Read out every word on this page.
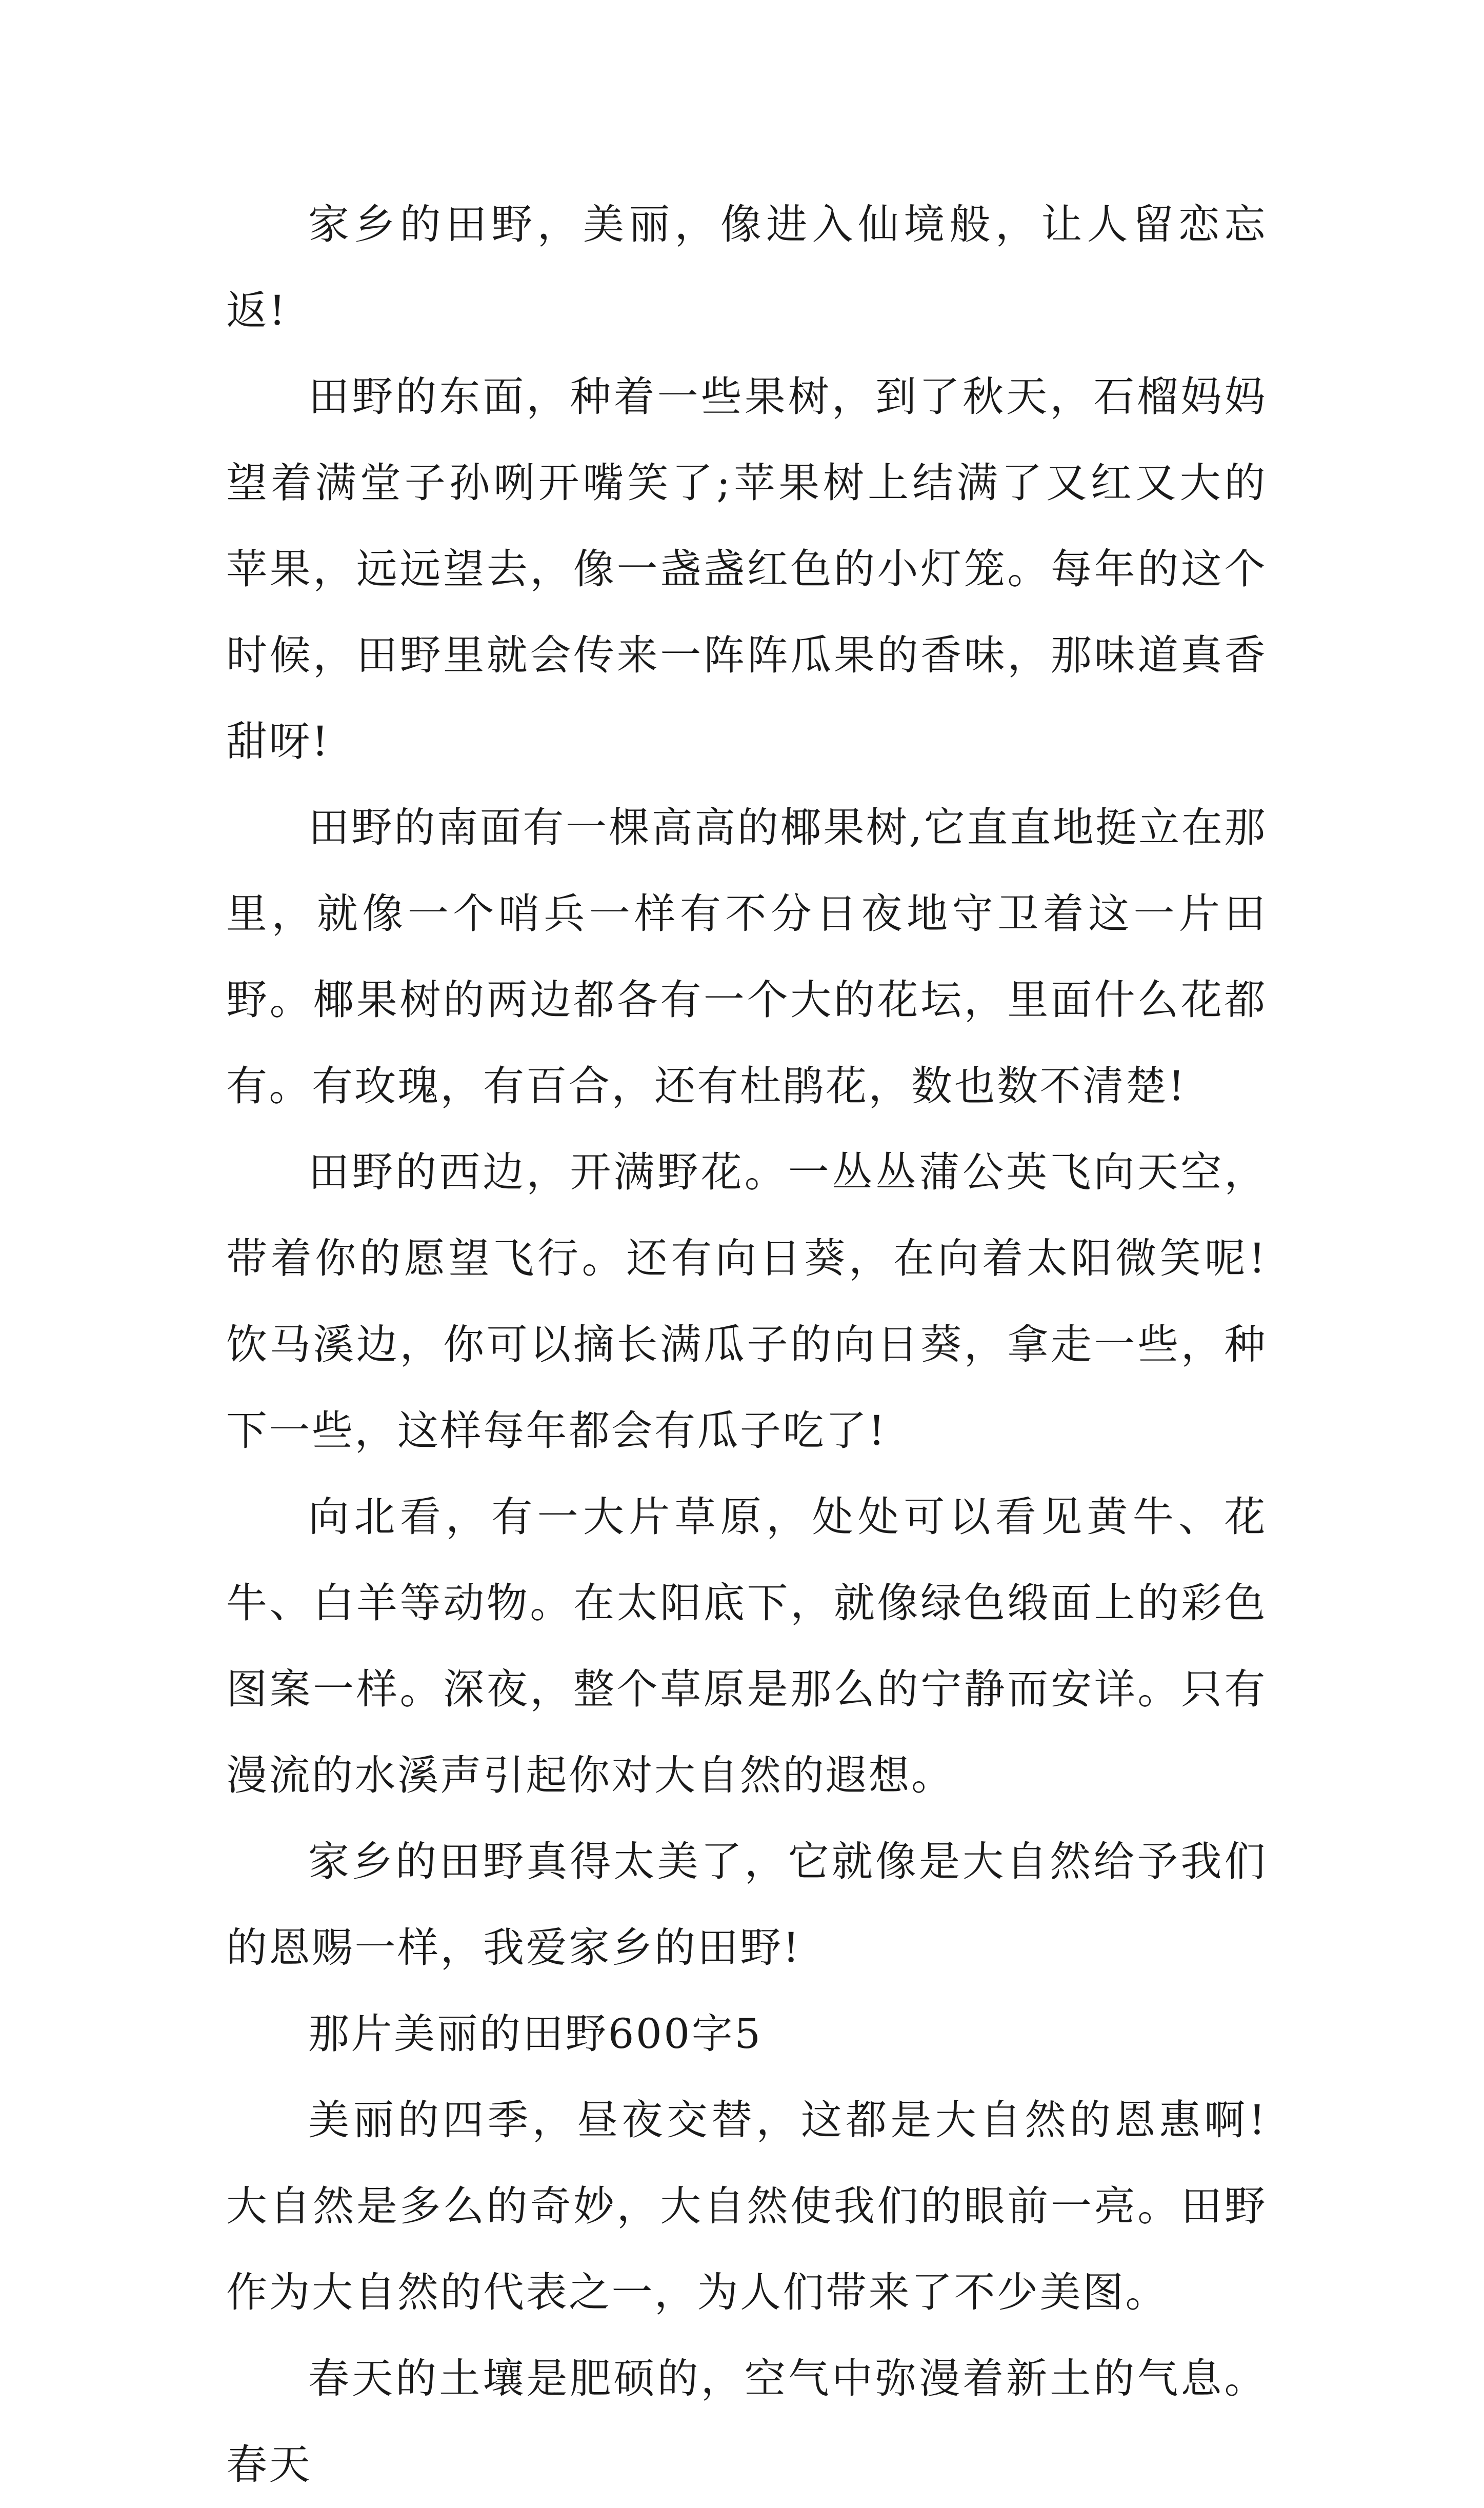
家乡的田野，美丽，像进入仙境般，让人留恋忘返!

田野的东面，种着一些果树，到了秋天，石榴妈妈望着满堂子孙咧开嘴笑了;苹果树上结满了又红又大的苹果，远远望去，像一盏盏红色的小灯笼。每年的这个时候，田野里就会传来一阵阵瓜果的香味，那味道真香甜呀!

田野的南面有一棵高高的椰果树,它直直地挺立在那里，就像一个哨兵一样有不分日夜地守卫着这一片田野。椰果树的两边都各有一个大的花坛，里面什么花都有。有玫瑰，有百合，还有杜鹃花，数也数不清楚!

田野的西边，开满野花。一丛丛蒲公英飞向天空，带着你的愿望飞行。还有向日葵，在向着太阳微笑呢!饮马溪边，你可以摘长满瓜子的向日葵，拿走一些，种下一些，这样每年都会有瓜子吃了!

向北看，有一大片草原，处处可以看见黄牛、花牛、白羊等动物。在太阳底下，就像绿色缎面上的彩色图案一样。深夜，整个草原是那么的宁静而安详。只有漫流的水溪声引起你对大自然的遐想。

家乡的田野真得太美了，它就像是大自然给予我们的恩赐一样，我爱家乡的田野!

那片美丽的田野600字5

美丽的四季，昼夜交替，这都是大自然的恩惠啊!大自然是多么的奇妙，大自然使我们的眼前一亮。田野作为大自然的代表之一，为人们带来了不少美图。

春天的土壤是肥硕的，空气中弥漫着新土的气息。春天
